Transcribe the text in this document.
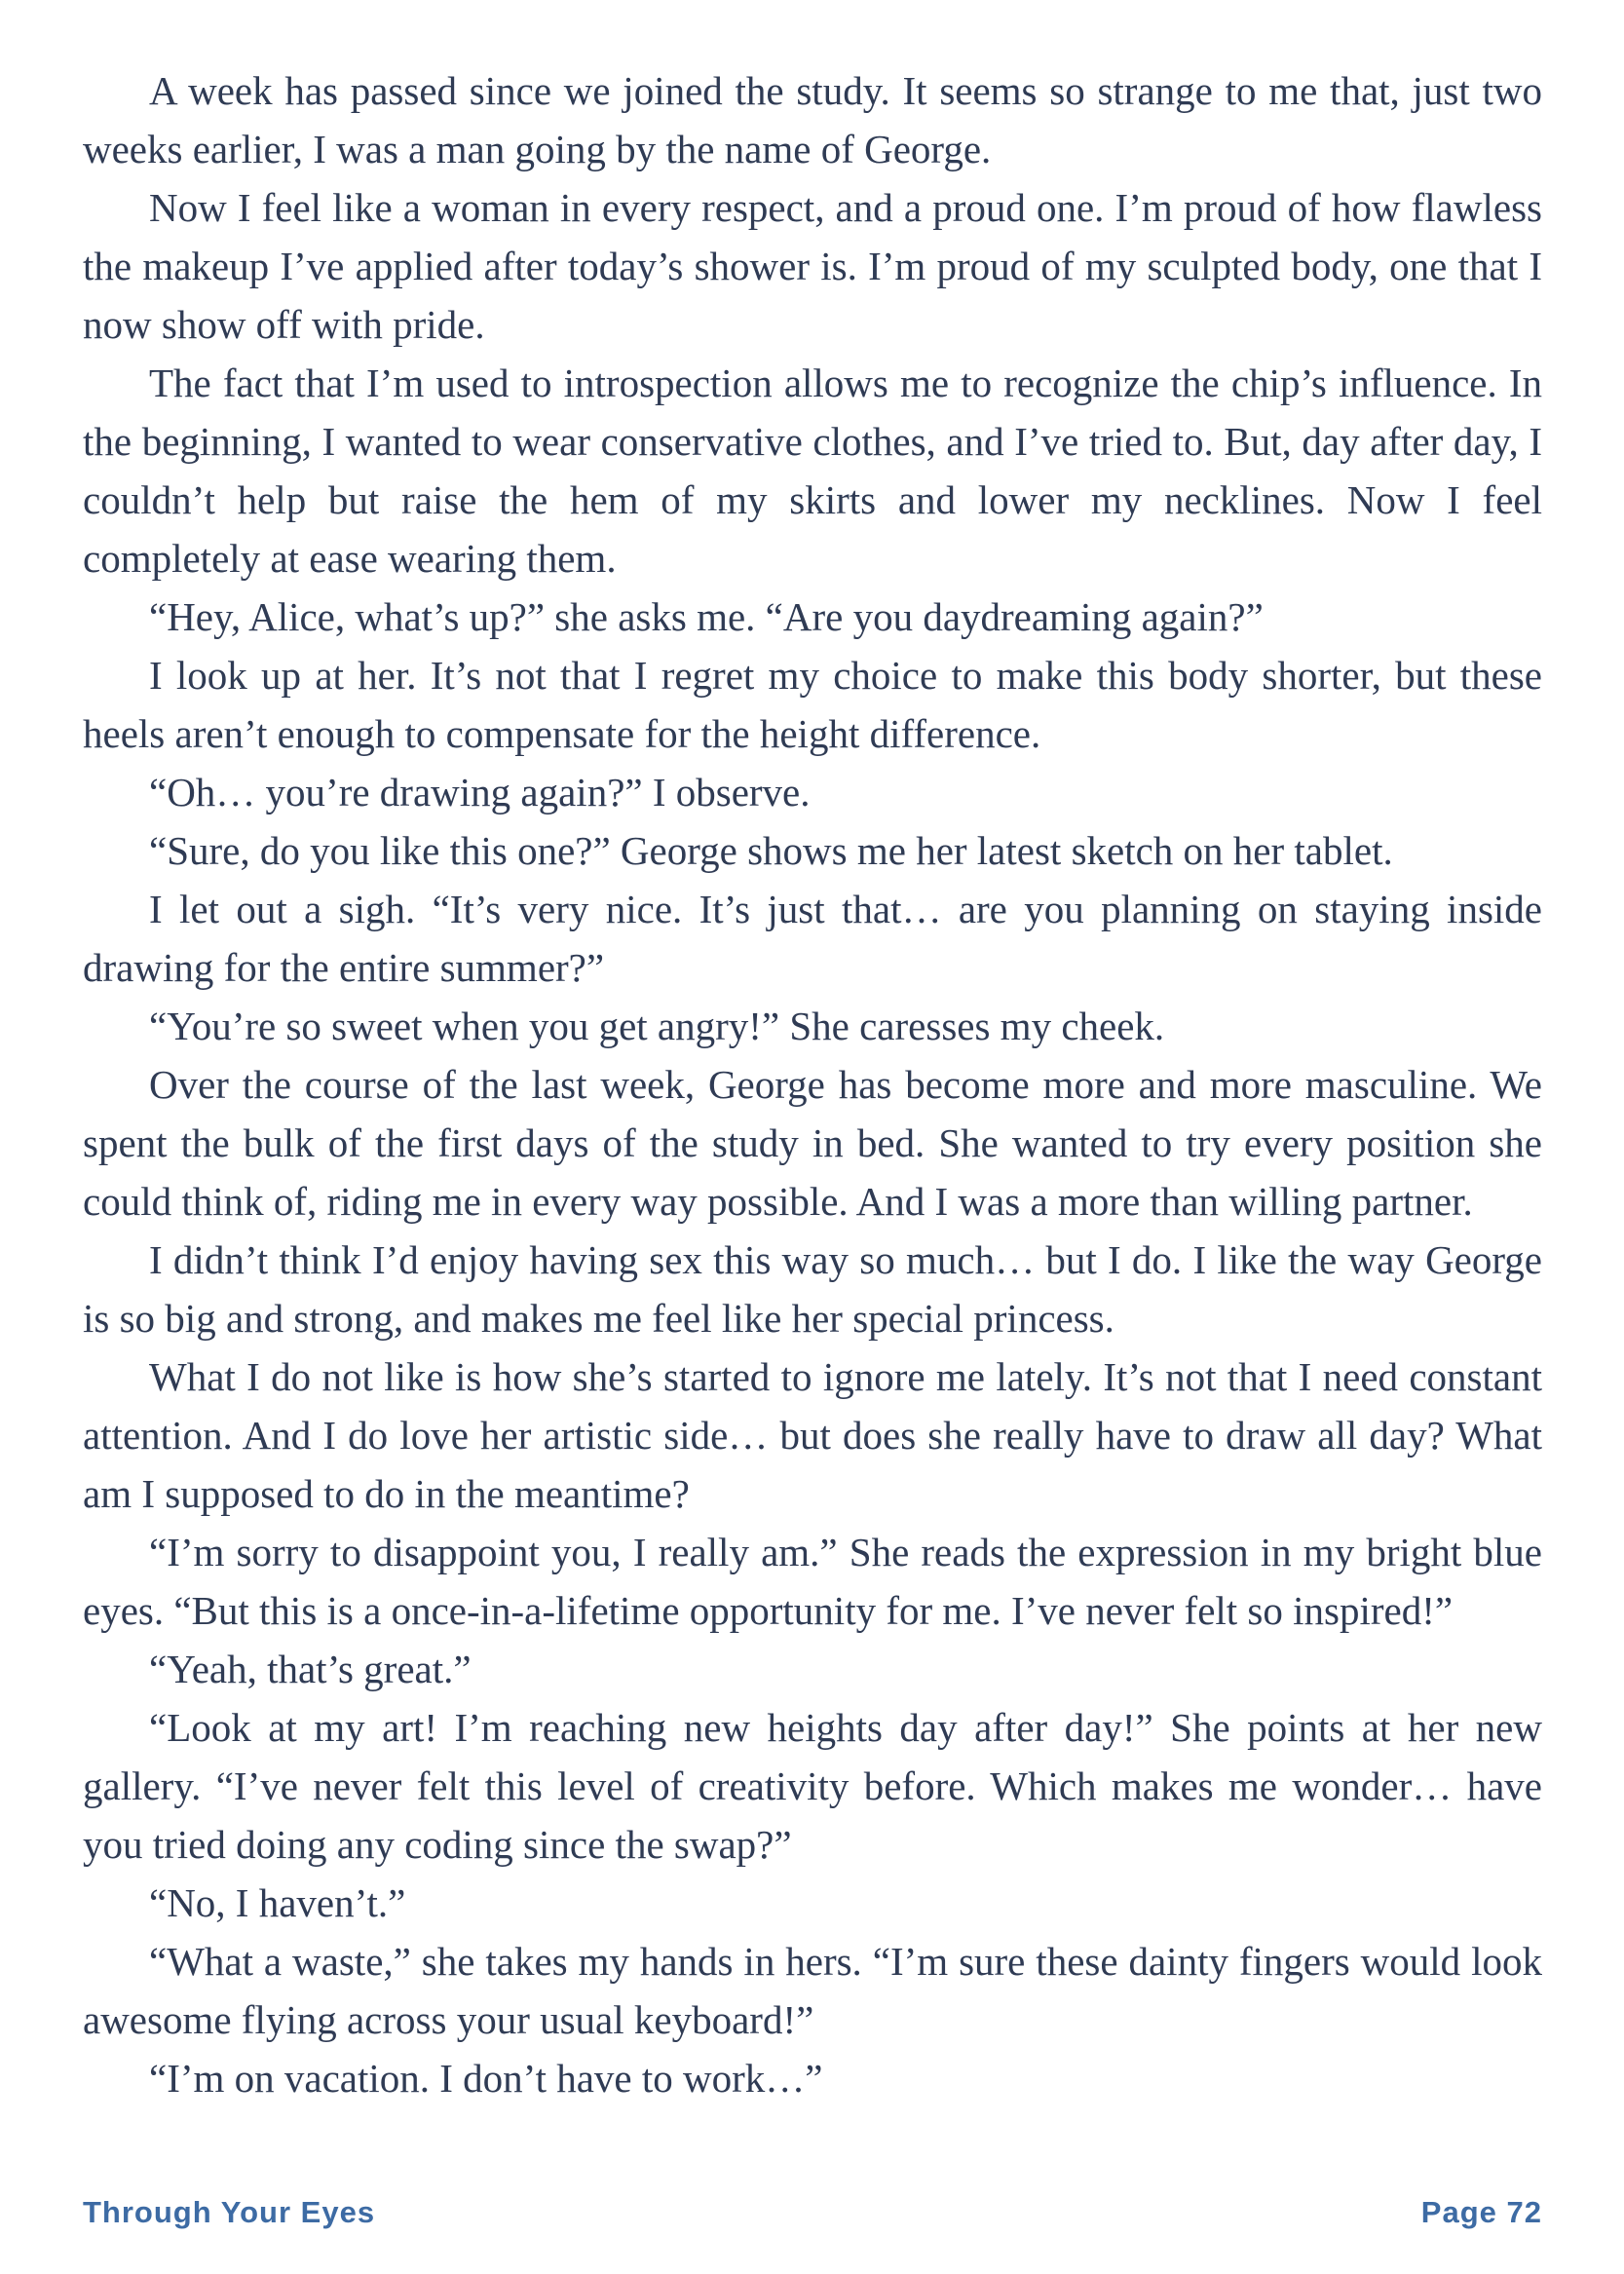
A week has passed since we joined the study. It seems so strange to me that, just two weeks earlier, I was a man going by the name of George.

Now I feel like a woman in every respect, and a proud one. I’m proud of how flawless the makeup I’ve applied after today’s shower is. I’m proud of my sculpted body, one that I now show off with pride.

The fact that I’m used to introspection allows me to recognize the chip’s influence. In the beginning, I wanted to wear conservative clothes, and I’ve tried to. But, day after day, I couldn’t help but raise the hem of my skirts and lower my necklines. Now I feel completely at ease wearing them.

“Hey, Alice, what’s up?” she asks me. “Are you daydreaming again?”

I look up at her. It’s not that I regret my choice to make this body shorter, but these heels aren’t enough to compensate for the height difference.

“Oh… you’re drawing again?” I observe.

“Sure, do you like this one?” George shows me her latest sketch on her tablet.

I let out a sigh. “It’s very nice. It’s just that… are you planning on staying inside drawing for the entire summer?”

“You’re so sweet when you get angry!” She caresses my cheek.

Over the course of the last week, George has become more and more masculine. We spent the bulk of the first days of the study in bed. She wanted to try every position she could think of, riding me in every way possible. And I was a more than willing partner.

I didn’t think I’d enjoy having sex this way so much… but I do. I like the way George is so big and strong, and makes me feel like her special princess.

What I do not like is how she’s started to ignore me lately. It’s not that I need constant attention. And I do love her artistic side… but does she really have to draw all day? What am I supposed to do in the meantime?

“I’m sorry to disappoint you, I really am.” She reads the expression in my bright blue eyes. “But this is a once-in-a-lifetime opportunity for me. I’ve never felt so inspired!”

“Yeah, that’s great.”

“Look at my art! I’m reaching new heights day after day!” She points at her new gallery. “I’ve never felt this level of creativity before. Which makes me wonder… have you tried doing any coding since the swap?”

“No, I haven’t.”

“What a waste,” she takes my hands in hers. “I’m sure these dainty fingers would look awesome flying across your usual keyboard!”

“I’m on vacation. I don’t have to work…”

Through Your Eyes	Page 72
